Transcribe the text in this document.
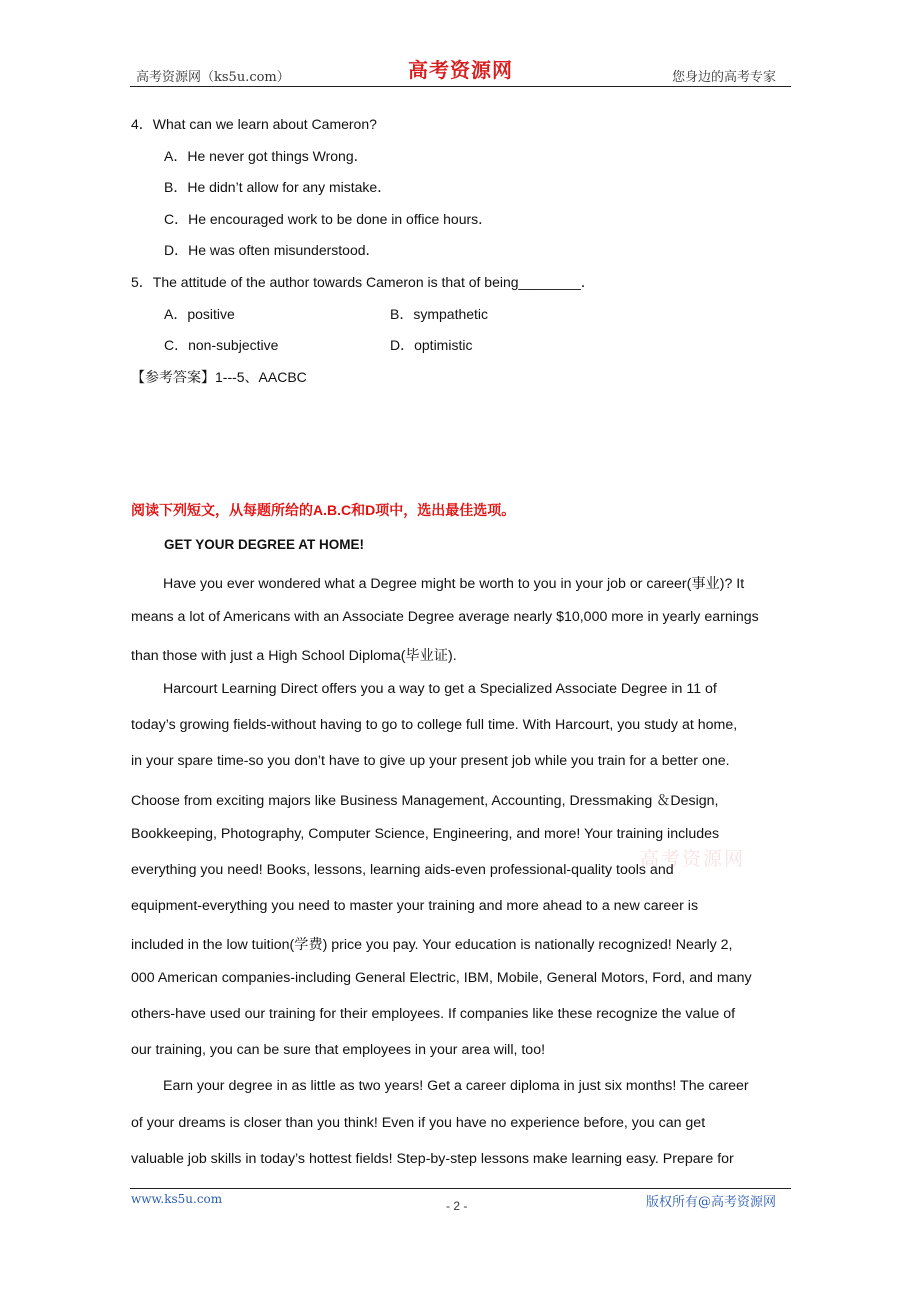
高考资源网（ks5u.com）	高考资源网	您身边的高考专家
4．What can we learn about Cameron?
A．He never got things Wrong．
B．He didn’t allow for any mistake．
C．He encouraged work to be done in office hours．
D．He was often misunderstood．
5．The attitude of the author towards Cameron is that of being________．
A．positive	B．sympathetic
C．non-subjective	D．optimistic
【参考答案】1---5、AACBC
阅读下列短文，从每题所给的A.B.C和D项中，选出最佳选项。
GET YOUR DEGREE AT HOME!
Have you ever wondered what a Degree might be worth to you in your job or career(事业)? It
means a lot of Americans with an Associate Degree average nearly $10,000 more in yearly earnings
than those with just a High School Diploma(毕业证).
Harcourt Learning Direct offers you a way to get a Specialized Associate Degree in 11 of
today’s growing fields-without having to go to college full time. With Harcourt, you study at home,
in your spare time-so you don’t have to give up your present job while you train for a better one.
Choose from exciting majors like Business Management, Accounting, Dressmaking ＆Design,
Bookkeeping, Photography, Computer Science, Engineering, and more! Your training includes
everything you need! Books, lessons, learning aids-even professional-quality tools and
equipment-everything you need to master your training and more ahead to a new career is
included in the low tuition(学费) price you pay. Your education is nationally recognized! Nearly 2,
000 American companies-including General Electric, IBM, Mobile, General Motors, Ford, and many
others-have used our training for their employees. If companies like these recognize the value of
our training, you can be sure that employees in your area will, too!
Earn your degree in as little as two years! Get a career diploma in just six months! The career
of your dreams is closer than you think! Even if you have no experience before, you can get
valuable job skills in today’s hottest fields! Step-by-step lessons make learning easy. Prepare for
高考资源网
www.ks5u.com	- 2 -	版权所有@高考资源网
